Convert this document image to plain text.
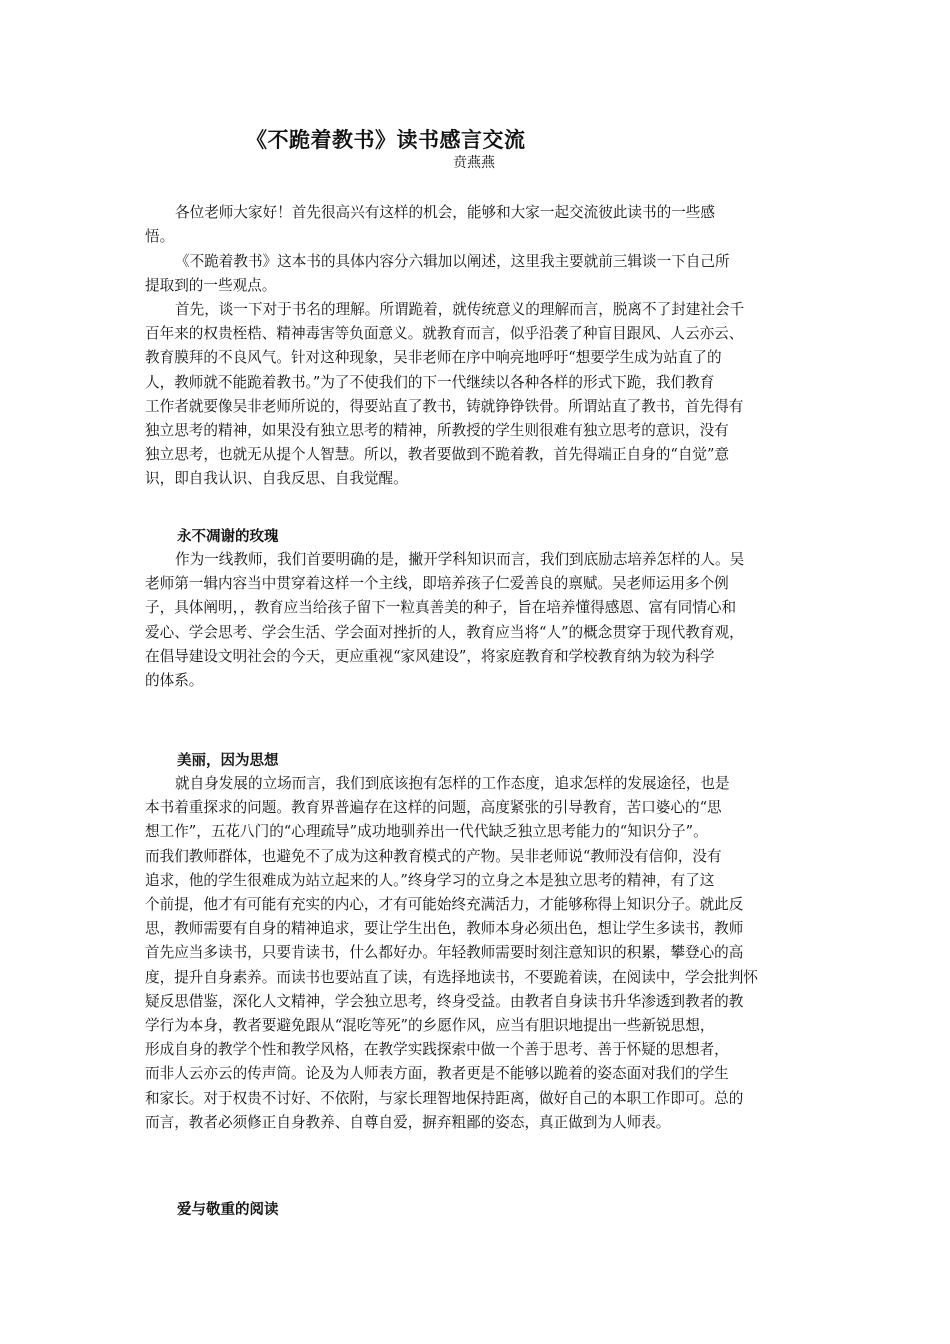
《不跪着教书》读书感言交流
贲燕燕

各位老师大家好！首先很高兴有这样的机会，能够和大家一起交流彼此读书的一些感
悟。

《不跪着教书》这本书的具体内容分六辑加以阐述，这里我主要就前三辑谈一下自己所
提取到的一些观点。

首先，谈一下对于书名的理解。所谓跪着，就传统意义的理解而言，脱离不了封建社会千
百年来的权贵桎梏、精神毒害等负面意义。就教育而言，似乎沿袭了种盲目跟风、人云亦云、
教育膜拜的不良风气。针对这种现象，吴非老师在序中响亮地呼吁“想要学生成为站直了的
人，教师就不能跪着教书。”为了不使我们的下一代继续以各种各样的形式下跪，我们教育
工作者就要像吴非老师所说的，得要站直了教书，铸就铮铮铁骨。所谓站直了教书，首先得有
独立思考的精神，如果没有独立思考的精神，所教授的学生则很难有独立思考的意识，没有
独立思考，也就无从提个人智慧。所以，教者要做到不跪着教，首先得端正自身的“自觉”意
识，即自我认识、自我反思、自我觉醒。

永不凋谢的玫瑰

作为一线教师，我们首要明确的是，撇开学科知识而言，我们到底励志培养怎样的人。吴
老师第一辑内容当中贯穿着这样一个主线，即培养孩子仁爱善良的禀赋。吴老师运用多个例
子，具体阐明，，教育应当给孩子留下一粒真善美的种子，旨在培养懂得感恩、富有同情心和
爱心、学会思考、学会生活、学会面对挫折的人，教育应当将“人”的概念贯穿于现代教育观，
在倡导建设文明社会的今天，更应重视“家风建设”，将家庭教育和学校教育纳为较为科学
的体系。

美丽，因为思想

就自身发展的立场而言，我们到底该抱有怎样的工作态度，追求怎样的发展途径，也是
本书着重探求的问题。教育界普遍存在这样的问题，高度紧张的引导教育，苦口婆心的“思
想工作”，五花八门的“心理疏导”成功地驯养出一代代缺乏独立思考能力的“知识分子”。
而我们教师群体，也避免不了成为这种教育模式的产物。吴非老师说“教师没有信仰，没有
追求，他的学生很难成为站立起来的人。”终身学习的立身之本是独立思考的精神，有了这
个前提，他才有可能有充实的内心，才有可能始终充满活力，才能够称得上知识分子。就此反
思，教师需要有自身的精神追求，要让学生出色，教师本身必须出色，想让学生多读书，教师
首先应当多读书，只要肯读书，什么都好办。年轻教师需要时刻注意知识的积累，攀登心的高
度，提升自身素养。而读书也要站直了读，有选择地读书，不要跪着读，在阅读中，学会批判怀
疑反思借鉴，深化人文精神，学会独立思考，终身受益。由教者自身读书升华渗透到教者的教
学行为本身，教者要避免跟从“混吃等死”的乡愿作风，应当有胆识地提出一些新锐思想，
形成自身的教学个性和教学风格，在教学实践探索中做一个善于思考、善于怀疑的思想者，
而非人云亦云的传声筒。论及为人师表方面，教者更是不能够以跪着的姿态面对我们的学生
和家长。对于权贵不讨好、不依附，与家长理智地保持距离，做好自己的本职工作即可。总的
而言，教者必须修正自身教养、自尊自爱，摒弃粗鄙的姿态，真正做到为人师表。

爱与敬重的阅读
